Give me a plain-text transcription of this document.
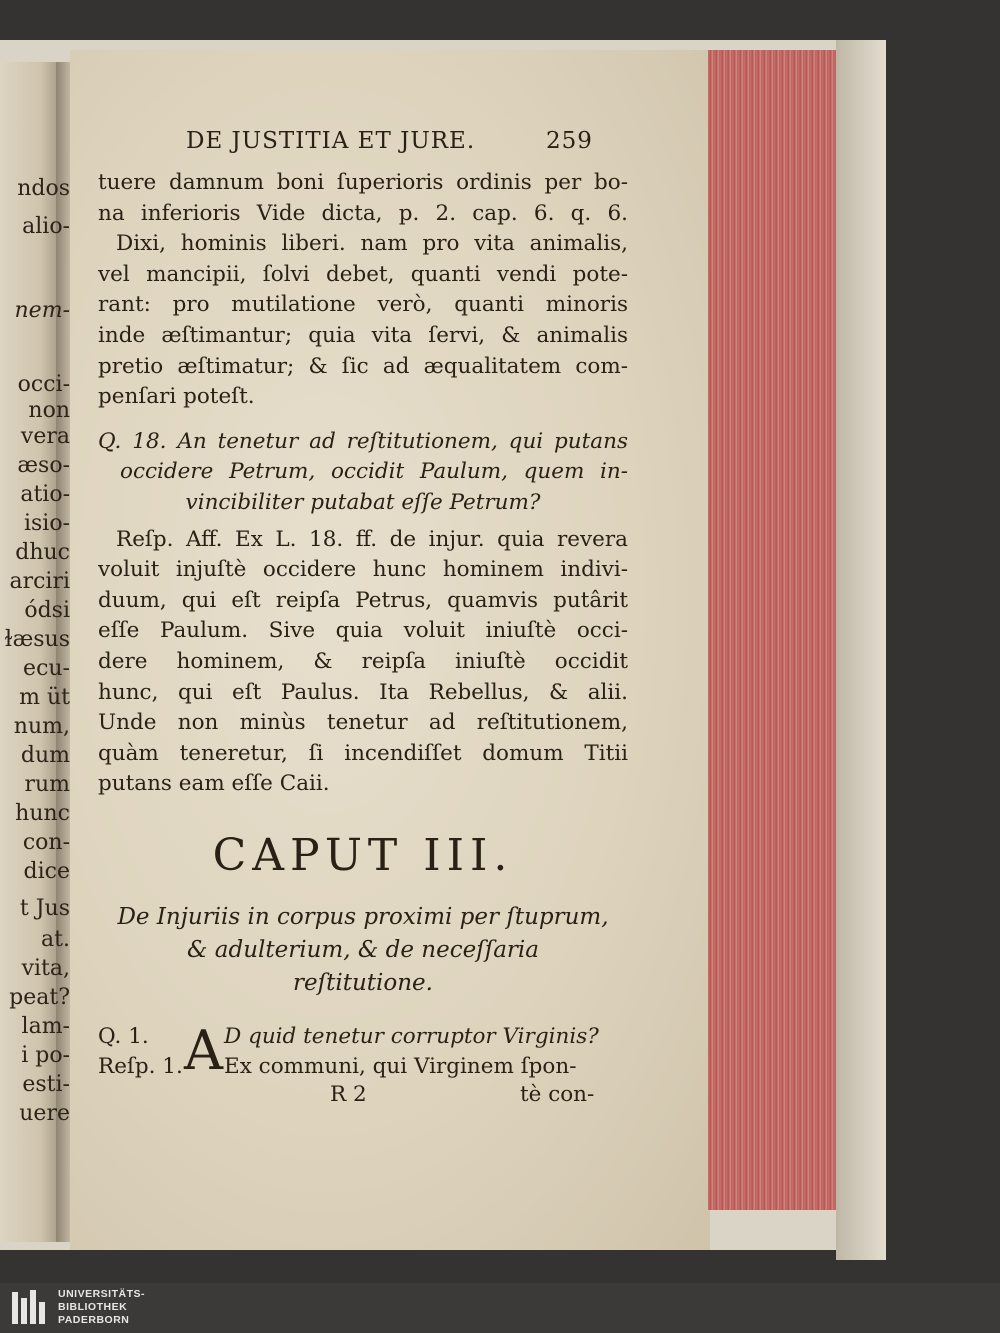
DE JUSTITIA ET JURE.	259
tuere damnum boni ſuperioris ordinis per bo-
na inferioris Vide dicta, p. 2. cap. 6. q. 6.
Dixi, hominis liberi. nam pro vita animalis,
vel mancipii, ſolvi debet, quanti vendi pote-
rant: pro mutilatione verò, quanti minoris
inde æſtimantur; quia vita ſervi, & animalis
pretio æſtimatur; & ſic ad æqualitatem com-
penſari poteſt.
Q. 18. An tenetur ad reſtitutionem, qui putans
occidere Petrum, occidit Paulum, quem in-
vincibiliter putabat eſſe Petrum?
Reſp. Aff. Ex L. 18. ff. de injur. quia revera
voluit injuſtè occidere hunc hominem indivi-
duum, qui eſt reipſa Petrus, quamvis putârit
eſſe Paulum. Sive quia voluit iniuſtè occi-
dere hominem, & reipſa iniuſtè occidit
hunc, qui eſt Paulus. Ita Rebellus, & alii.
Unde non minùs tenetur ad reſtitutionem,
quàm teneretur, ſi incendiſſet domum Titii
putans eam eſſe Caii.
CAPUT III.
De Injuriis in corpus proximi per ſtuprum,
& adulterium, & de neceſſaria
reſtitutione.
A
Q. 1.
Reſp. 1.
D quid tenetur corruptor Virginis?
Ex communi, qui Virginem ſpon-
R 2	tè con-
ndos
alio-
nem-
occi-
non
vera
æso-
atio-
isio-
dhuc
arciri
ódsi
ɫæsus
ecu-
m üt
num,
dum
rum
hunc
con-
dice
t Jus
at.
vita,
peat?
lam-
i po-
esti-
uere
UNIVERSITÄTS-
BIBLIOTHEK
PADERBORN
